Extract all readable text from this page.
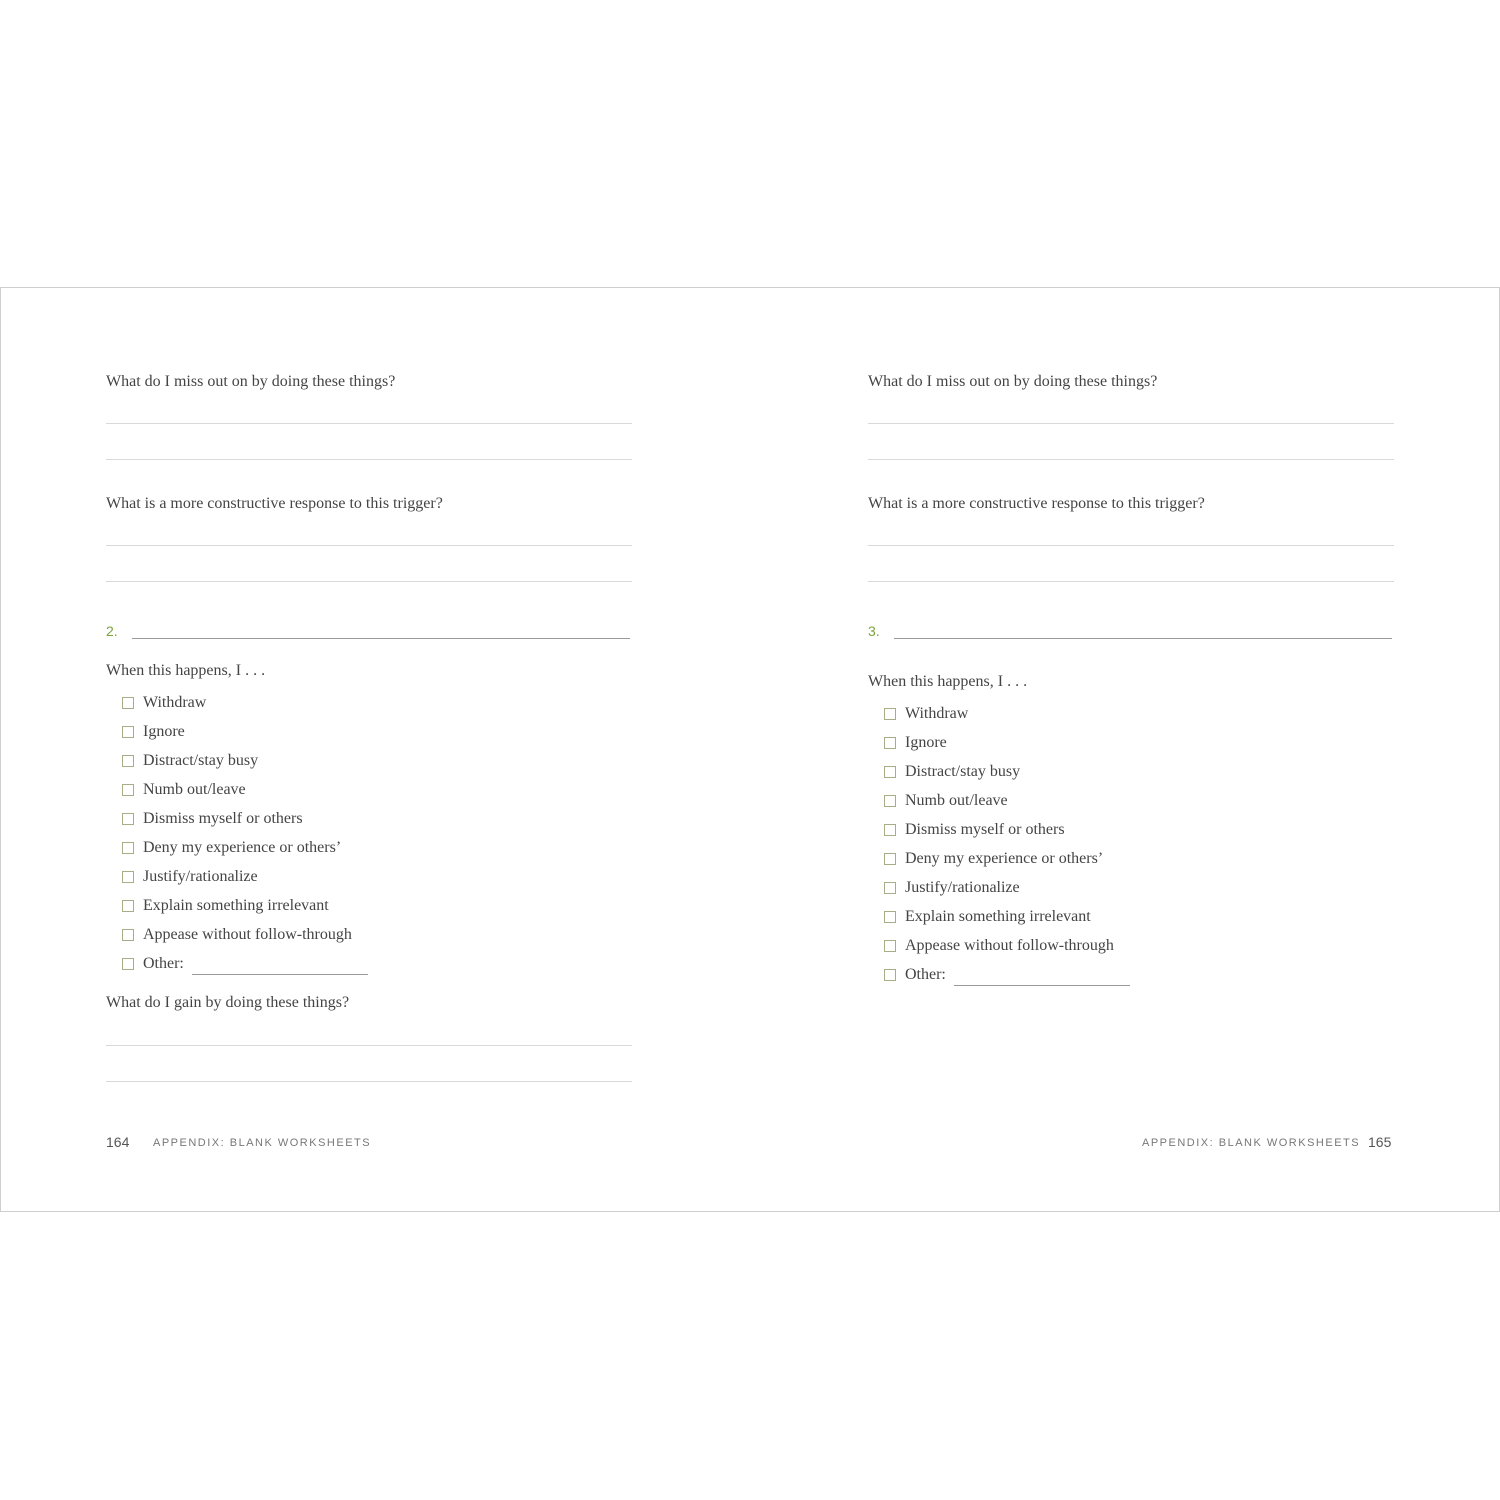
What do I miss out on by doing these things?
What is a more constructive response to this trigger?
2.
When this happens, I . . .
Withdraw
Ignore
Distract/stay busy
Numb out/leave
Dismiss myself or others
Deny my experience or others’
Justify/rationalize
Explain something irrelevant
Appease without follow-through
Other:
What do I gain by doing these things?
164 APPENDIX: BLANK WORKSHEETS
What do I miss out on by doing these things?
What is a more constructive response to this trigger?
3.
When this happens, I . . .
Withdraw
Ignore
Distract/stay busy
Numb out/leave
Dismiss myself or others
Deny my experience or others’
Justify/rationalize
Explain something irrelevant
Appease without follow-through
Other:
APPENDIX: BLANK WORKSHEETS 165
